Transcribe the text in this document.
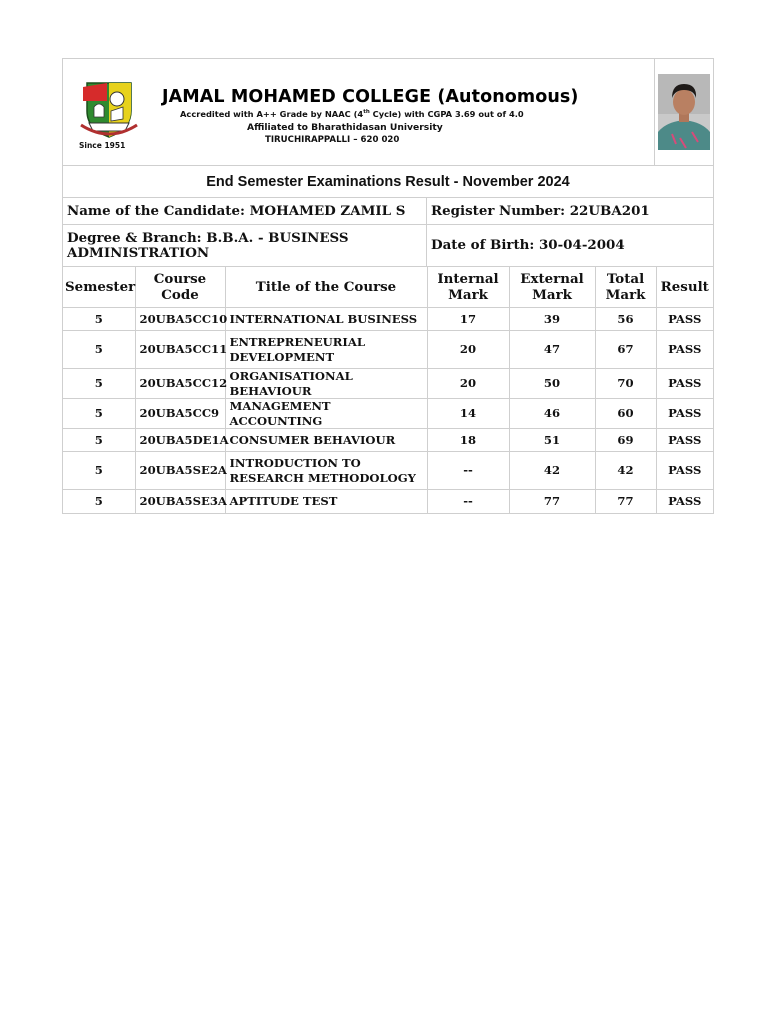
Since 1951
JAMAL MOHAMED COLLEGE (Autonomous)
Accredited with A++ Grade by NAAC (4th Cycle) with CGPA 3.69 out of 4.0
Affiliated to Bharathidasan University
TIRUCHIRAPPALLI – 620 020
End Semester Examinations Result - November 2024
Name of the Candidate: MOHAMED ZAMIL S	Register Number: 22UBA201
Degree & Branch: B.B.A. - BUSINESS ADMINISTRATION	Date of Birth: 30-04-2004
Semester	Course Code	Title of the Course	Internal Mark	External Mark	Total Mark	Result
5	20UBA5CC10	INTERNATIONAL BUSINESS	17	39	56	PASS
5	20UBA5CC11	ENTREPRENEURIAL DEVELOPMENT	20	47	67	PASS
5	20UBA5CC12	ORGANISATIONAL BEHAVIOUR	20	50	70	PASS
5	20UBA5CC9	MANAGEMENT ACCOUNTING	14	46	60	PASS
5	20UBA5DE1A	CONSUMER BEHAVIOUR	18	51	69	PASS
5	20UBA5SE2A	INTRODUCTION TO RESEARCH METHODOLOGY	--	42	42	PASS
5	20UBA5SE3A	APTITUDE TEST	--	77	77	PASS
